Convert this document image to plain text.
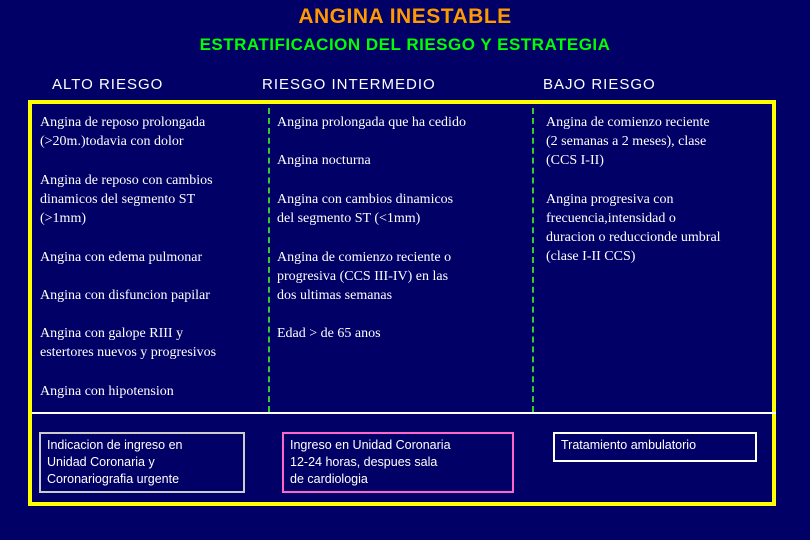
ANGINA INESTABLE
ESTRATIFICACION DEL RIESGO Y ESTRATEGIA
ALTO RIESGO	RIESGO INTERMEDIO	BAJO RIESGO
Angina de reposo prolongada
(>20m.)todavia con dolor
Angina de reposo con cambios
dinamicos del segmento ST
(>1mm)
Angina con edema pulmonar
Angina con disfuncion papilar
Angina con galope RIII y
estertores nuevos y progresivos
Angina con hipotension
Angina prolongada que ha cedido
Angina nocturna
Angina con cambios dinamicos
del segmento ST (<1mm)
Angina de comienzo reciente o
progresiva (CCS III-IV) en las
dos ultimas semanas
Edad > de 65 anos
Angina de comienzo reciente
(2 semanas a 2 meses), clase
(CCS I-II)
Angina progresiva con
frecuencia,intensidad o
duracion o reduccionde umbral
(clase I-II CCS)
Indicacion de ingreso en
Unidad Coronaria y
Coronariografia urgente
Ingreso en Unidad Coronaria
12-24 horas, despues sala
de cardiologia
Tratamiento ambulatorio
